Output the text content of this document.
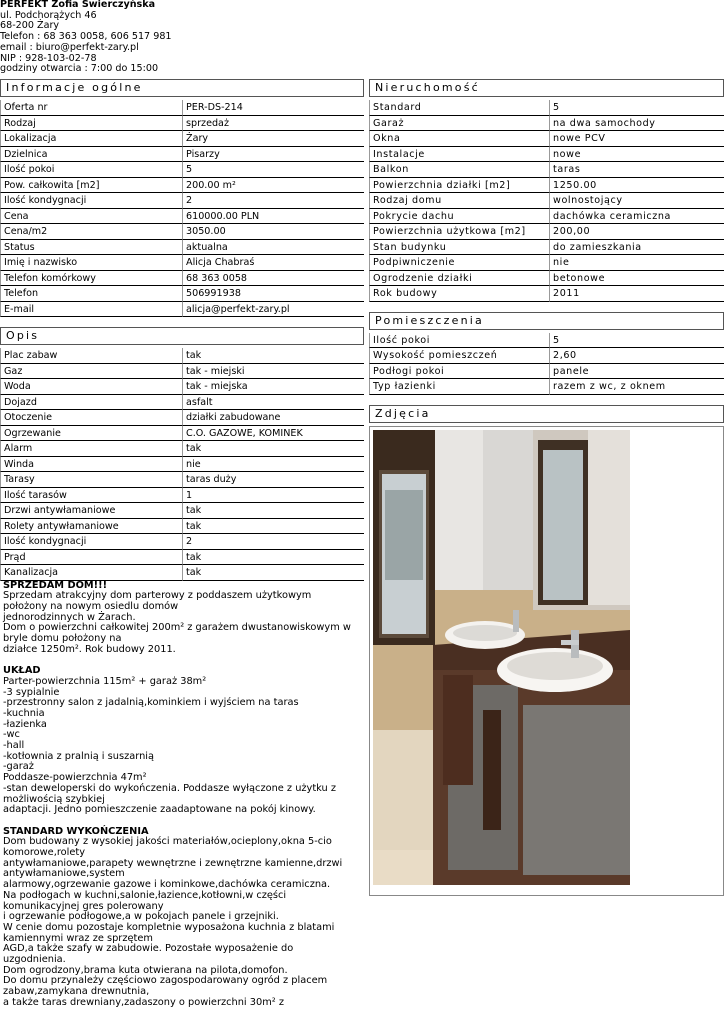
PERFEKT Zofia Świerczyńska
ul. Podchorążych 46
68-200 Żary
Telefon : 68 363 0058, 606 517 981
email : biuro@perfekt-zary.pl
NIP : 928-103-02-78
godziny otwarcia : 7:00 do 15:00
Informacje ogólne
Oferta nr	PER-DS-214
Rodzaj	sprzedaż
Lokalizacja	Żary
Dzielnica	Pisarzy
Ilość pokoi	5
Pow. całkowita [m2]	200.00 m²
Ilość kondygnacji	2
Cena	610000.00 PLN
Cena/m2	3050.00
Status	aktualna
Imię i nazwisko	Alicja Chabraś
Telefon komórkowy	68 363 0058
Telefon	506991938
E-mail	alicja@perfekt-zary.pl
Opis
Plac zabaw	tak
Gaz	tak - miejski
Woda	tak - miejska
Dojazd	asfalt
Otoczenie	działki zabudowane
Ogrzewanie	C.O. GAZOWE, KOMINEK
Alarm	tak
Winda	nie
Tarasy	taras duży
Ilość tarasów	1
Drzwi antywłamaniowe	tak
Rolety antywłamaniowe	tak
Ilość kondygnacji	2
Prąd	tak
Kanalizacja	tak

SPRZEDAM DOM!!!

Sprzedam atrakcyjny dom parterowy z poddaszem użytkowym

położony na nowym osiedlu domów

jednorodzinnych w Żarach.

Dom o powierzchni całkowitej 200m² z garażem dwustanowiskowym w

bryle domu położony na

działce 1250m². Rok budowy 2011.

UKŁAD

Parter-powierzchnia 115m² + garaż 38m²

-3 sypialnie

-przestronny salon z jadalnią,kominkiem i wyjściem na taras

-kuchnia

-łazienka

-wc

-hall

-kotłownia z pralnią i suszarnią

-garaż

Poddasze-powierzchnia 47m²

-stan deweloperski do wykończenia. Poddasze wyłączone z użytku z

możliwością szybkiej

adaptacji. Jedno pomieszczenie zaadaptowane na pokój kinowy.

STANDARD WYKOŃCZENIA

Dom budowany z wysokiej jakości materiałów,ocieplony,okna 5-cio

komorowe,rolety

antywłamaniowe,parapety wewnętrzne i zewnętrzne kamienne,drzwi

antywłamaniowe,system

alarmowy,ogrzewanie gazowe i kominkowe,dachówka ceramiczna.

Na podłogach w kuchni,salonie,łazience,kotłowni,w części

komunikacyjnej gres polerowany

i ogrzewanie podłogowe,a w pokojach panele i grzejniki.

W cenie domu pozostaje kompletnie wyposażona kuchnia z blatami

kamiennymi wraz ze sprzętem

AGD,a także szafy w zabudowie. Pozostałe wyposażenie do

uzgodnienia.

Dom ogrodzony,brama kuta otwierana na pilota,domofon.

Do domu przynależy częściowo zagospodarowany ogród z placem

zabaw,zamykana drewnutnia,

a także taras drewniany,zadaszony o powierzchni 30m² z

Nieruchomość
Standard	5
Garaż	na dwa samochody
Okna	nowe PCV
Instalacje	nowe
Balkon	taras
Powierzchnia działki [m2]	1250.00
Rodzaj domu	wolnostojący
Pokrycie dachu	dachówka ceramiczna
Powierzchnia użytkowa [m2]	200,00
Stan budynku	do zamieszkania
Podpiwniczenie	nie
Ogrodzenie działki	betonowe
Rok budowy	2011
Pomieszczenia
Ilość pokoi	5
Wysokość pomieszczeń	2,60
Podłogi pokoi	panele
Typ łazienki	razem z wc, z oknem
Zdjęcia
